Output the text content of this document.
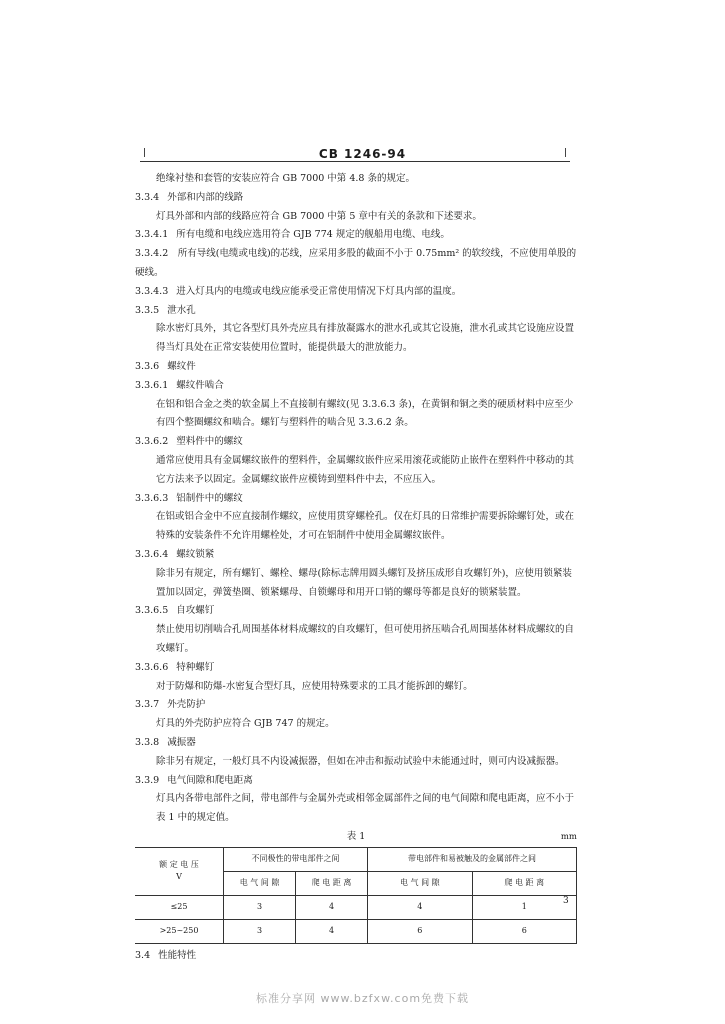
CB 1246-94
绝缘衬垫和套管的安装应符合 GB 7000 中第 4.8 条的规定。
3.3.4 外部和内部的线路
灯具外部和内部的线路应符合 GB 7000 中第 5 章中有关的条款和下述要求。
3.3.4.1 所有电缆和电线应选用符合 GJB 774 规定的舰船用电缆、电线。
3.3.4.2　所有导线(电缆或电线)的芯线，应采用多股的截面不小于 0.75mm² 的软绞线，不应使用单股的硬线。
3.3.4.3 进入灯具内的电缆或电线应能承受正常使用情况下灯具内部的温度。
3.3.5 泄水孔
除水密灯具外，其它各型灯具外壳应具有排放凝露水的泄水孔或其它设施，泄水孔或其它设施应设置得当灯具处在正常安装使用位置时，能提供最大的泄放能力。
3.3.6 螺纹件
3.3.6.1 螺纹件啮合
在铝和铝合金之类的软金属上不直接制有螺纹(见 3.3.6.3 条)，在黄铜和铜之类的硬质材料中应至少有四个整圈螺纹和啮合。螺钉与塑料件的啮合见 3.3.6.2 条。
3.3.6.2 塑料件中的螺纹
通常应使用具有金属螺纹嵌件的塑料件，金属螺纹嵌件应采用滚花或能防止嵌件在塑料件中移动的其它方法来予以固定。金属螺纹嵌件应模铸到塑料件中去，不应压入。
3.3.6.3 铝制件中的螺纹
在铝或铝合金中不应直接制作螺纹，应使用贯穿螺栓孔。仅在灯具的日常维护需要拆除螺钉处，或在特殊的安装条件不允许用螺栓处，才可在铝制件中使用金属螺纹嵌件。
3.3.6.4 螺纹锁紧
除非另有规定，所有螺钉、螺栓、螺母(除标志牌用圆头螺钉及挤压成形自攻螺钉外)，应使用锁紧装置加以固定，弹簧垫圈、锁紧螺母、自锁螺母和用开口销的螺母等都是良好的锁紧装置。
3.3.6.5 自攻螺钉
禁止使用切削啮合孔周围基体材料成螺纹的自攻螺钉，但可使用挤压啮合孔周围基体材料成螺纹的自攻螺钉。
3.3.6.6 特种螺钉
对于防爆和防爆-水密复合型灯具，应使用特殊要求的工具才能拆卸的螺钉。
3.3.7 外壳防护
灯具的外壳防护应符合 GJB 747 的规定。
3.3.8 减振器
除非另有规定，一般灯具不内设减振器，但如在冲击和振动试验中未能通过时，则可内设减振器。
3.3.9 电气间隙和爬电距离
灯具内各带电部件之间，带电部件与金属外壳或相邻金属部件之间的电气间隙和爬电距离，应不小于表 1 中的规定值。
表 1	mm
额 定 电 压
V	不同极性的带电部件之间		带电部件和易被触及的金属部件之间	
	电 气 间 隙	爬 电 距 离	电 气 间 隙	爬 电 距 离
≤25	3	4	4	1
>25~250	3	4	6	6
3.4 性能特性
3
标准分享网 www.bzfxw.com免费下载
